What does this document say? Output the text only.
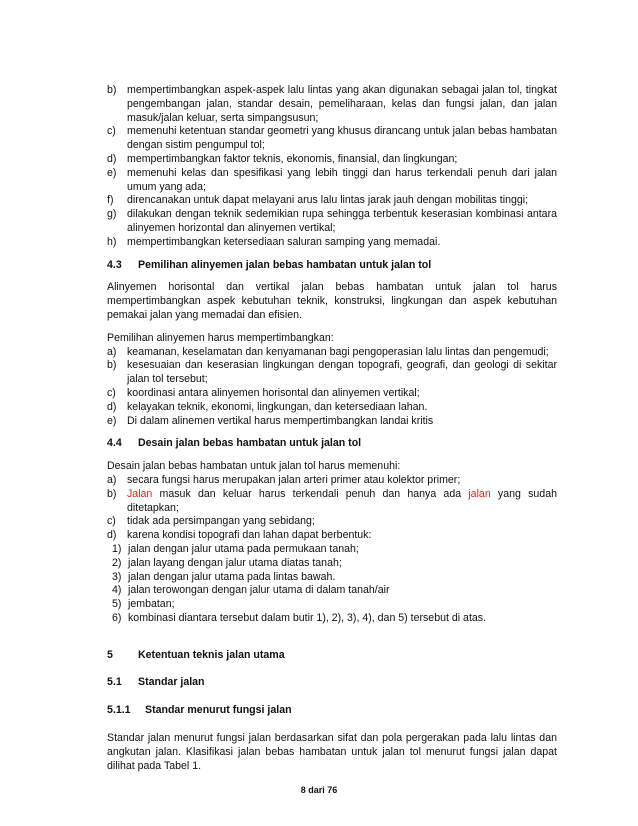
b) mempertimbangkan aspek-aspek lalu lintas yang akan digunakan sebagai jalan tol, tingkat pengembangan jalan, standar desain, pemeliharaan, kelas dan fungsi jalan, dan jalan masuk/jalan keluar, serta simpangsusun;
c)	memenuhi ketentuan standar geometri yang khusus dirancang untuk jalan bebas hambatan dengan sistim pengumpul tol;
d) mempertimbangkan faktor teknis, ekonomis, finansial, dan lingkungan;
e) memenuhi kelas dan spesifikasi yang lebih tinggi dan harus terkendali penuh dari jalan umum yang ada;
f)	direncanakan untuk dapat melayani arus lalu lintas jarak jauh dengan mobilitas tinggi;
g) dilakukan dengan teknik sedemikian rupa sehingga terbentuk keserasian kombinasi antara alinyemen horizontal dan alinyemen vertikal;
h) mempertimbangkan ketersediaan saluran samping yang memadai.
4.3	Pemilihan alinyemen jalan bebas hambatan untuk jalan tol
Alinyemen horisontal dan vertikal jalan bebas hambatan untuk jalan tol harus mempertimbangkan aspek kebutuhan teknik, konstruksi, lingkungan dan aspek kebutuhan pemakai jalan yang memadai dan efisien.
Pemilihan alinyemen harus mempertimbangkan:
a) keamanan, keselamatan dan kenyamanan bagi pengoperasian lalu lintas dan pengemudi;
b) kesesuaian dan keserasian lingkungan dengan topografi, geografi, dan geologi di sekitar jalan tol tersebut;
c)	koordinasi antara alinyemen horisontal dan alinyemen vertikal;
d) kelayakan teknik, ekonomi, lingkungan, dan ketersediaan lahan.
e) Di dalam alinemen vertikal harus mempertimbangkan landai kritis
4.4	Desain jalan bebas hambatan untuk jalan tol
Desain jalan bebas hambatan untuk jalan tol harus memenuhi:
a) secara fungsi harus merupakan jalan arteri primer atau kolektor primer;
b) Jalan masuk dan keluar harus terkendali penuh dan hanya ada jalan yang sudah ditetapkan;
c)	tidak ada persimpangan yang sebidang;
d) karena kondisi topografi dan lahan dapat berbentuk:
1) jalan dengan jalur utama pada permukaan tanah;
2) jalan layang dengan jalur utama diatas tanah;
3) jalan dengan jalur utama pada lintas bawah.
4) jalan terowongan dengan jalur utama di dalam tanah/air
5) jembatan;
6) kombinasi diantara tersebut dalam butir 1), 2), 3), 4), dan 5) tersebut di atas.
5	Ketentuan teknis jalan utama
5.1	Standar jalan
5.1.1	Standar menurut fungsi jalan
Standar jalan menurut fungsi jalan berdasarkan sifat dan pola pergerakan pada lalu lintas dan angkutan jalan. Klasifikasi jalan bebas hambatan untuk jalan tol menurut fungsi jalan dapat dilihat pada Tabel 1.
8 dari 76
